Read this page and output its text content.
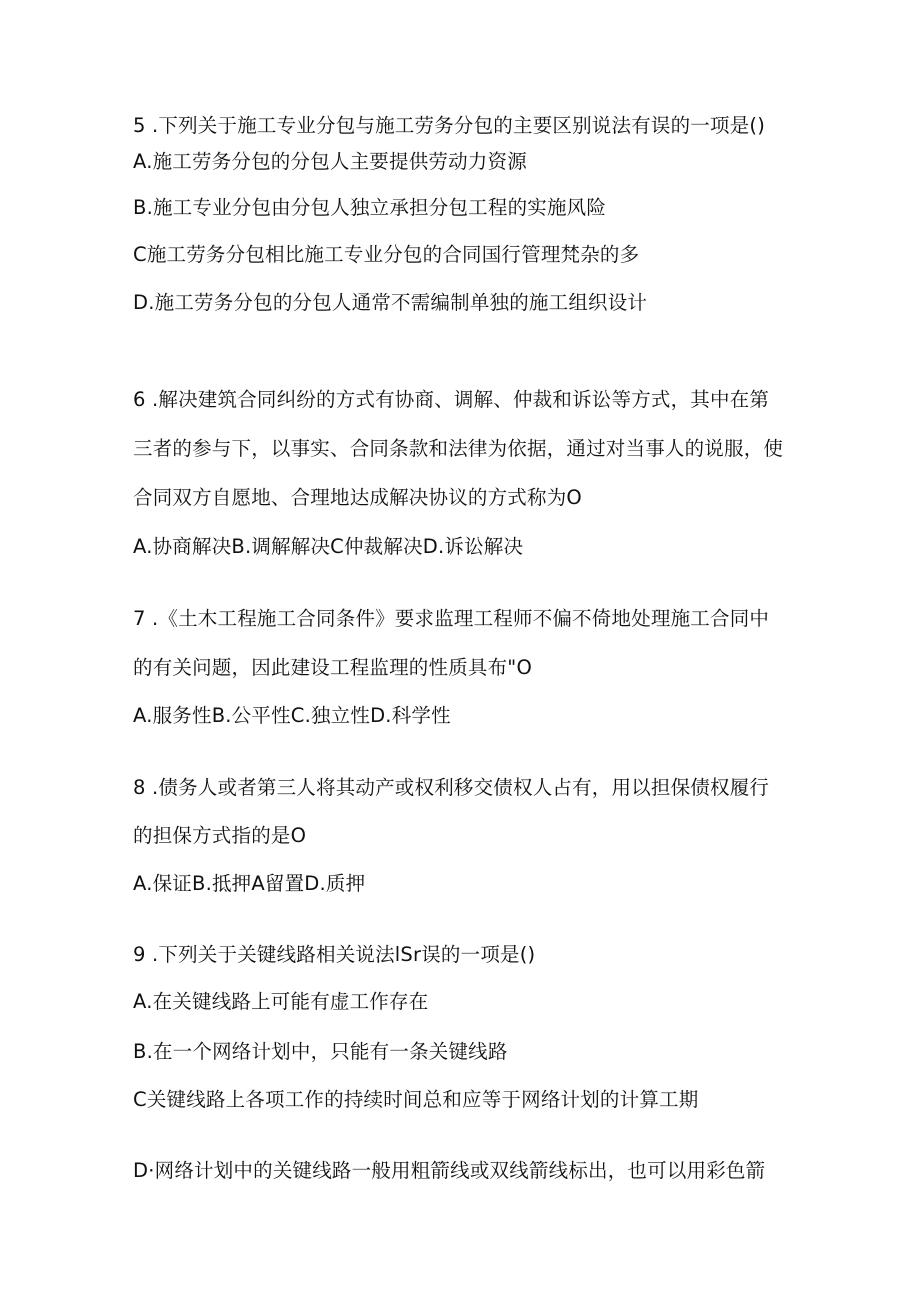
5 .下列关于施工专业分包与施工劳务分包的主要区别说法有误的一项是()
A.施工劳务分包的分包人主要提供劳动力资源
B.施工专业分包由分包人独立承担分包工程的实施风险
C施工劳务分包相比施工专业分包的合同国行管理梵杂的多
D.施工劳务分包的分包人通常不需编制单独的施工组织设计
6 .解决建筑合同纠纷的方式有协商、调解、仲裁和诉讼等方式，其中在第
三者的参与下，以事实、合同条款和法律为依据，通过对当事人的说服，使
合同双方自愿地、合理地达成解决协议的方式称为O
A.协商解决B.调解解决C仲裁解决D.诉讼解决
7 .《土木工程施工合同条件》要求监理工程师不偏不倚地处理施工合同中
的有关问题，因此建设工程监理的性质具布"O
A.服务性B.公平性C.独立性D.科学性
8 .债务人或者第三人将其动产或权利移交债权人占有，用以担保债权履行
的担保方式指的是O
A.保证B.抵押A留置D.质押
9 .下列关于关键线路相关说法lSr误的一项是()
A.在关键线路上可能有虚工作存在
B.在一个网络计划中，只能有一条关键线路
C关键线路上各项工作的持续时间总和应等于网络计划的计算工期
D·网络计划中的关键线路一般用粗箭线或双线箭线标出，也可以用彩色箭
